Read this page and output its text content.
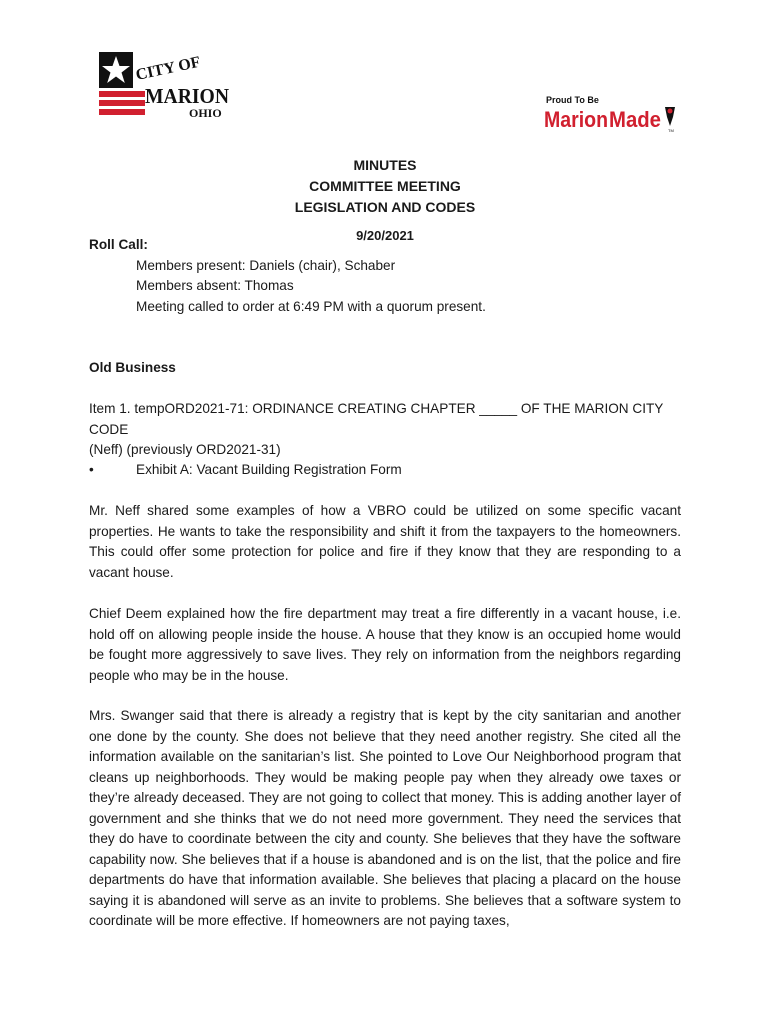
CITY OF
MARION
OHIO
Proud To Be
Marion Made TM
MINUTES
COMMITTEE MEETING
LEGISLATION AND CODES
9/20/2021
Roll Call:
Members present: Daniels (chair), Schaber
Members absent: Thomas
Meeting called to order at 6:49 PM with a quorum present.
Old Business
Item 1. tempORD2021-71: ORDINANCE CREATING CHAPTER _____ OF THE MARION CITY CODE
(Neff) (previously ORD2021-31)
•	Exhibit A: Vacant Building Registration Form
Mr. Neff shared some examples of how a VBRO could be utilized on some specific vacant properties. He wants to take the responsibility and shift it from the taxpayers to the homeowners. This could offer some protection for police and fire if they know that they are responding to a vacant house.
Chief Deem explained how the fire department may treat a fire differently in a vacant house, i.e. hold off on allowing people inside the house. A house that they know is an occupied home would be fought more aggressively to save lives. They rely on information from the neighbors regarding people who may be in the house.
Mrs. Swanger said that there is already a registry that is kept by the city sanitarian and another one done by the county. She does not believe that they need another registry. She cited all the information available on the sanitarian’s list. She pointed to Love Our Neighborhood program that cleans up neighborhoods. They would be making people pay when they already owe taxes or they’re already deceased. They are not going to collect that money. This is adding another layer of government and she thinks that we do not need more government. They need the services that they do have to coordinate between the city and county. She believes that they have the software capability now. She believes that if a house is abandoned and is on the list, that the police and fire departments do have that information available. She believes that placing a placard on the house saying it is abandoned will serve as an invite to problems. She believes that a software system to coordinate will be more effective. If homeowners are not paying taxes,
